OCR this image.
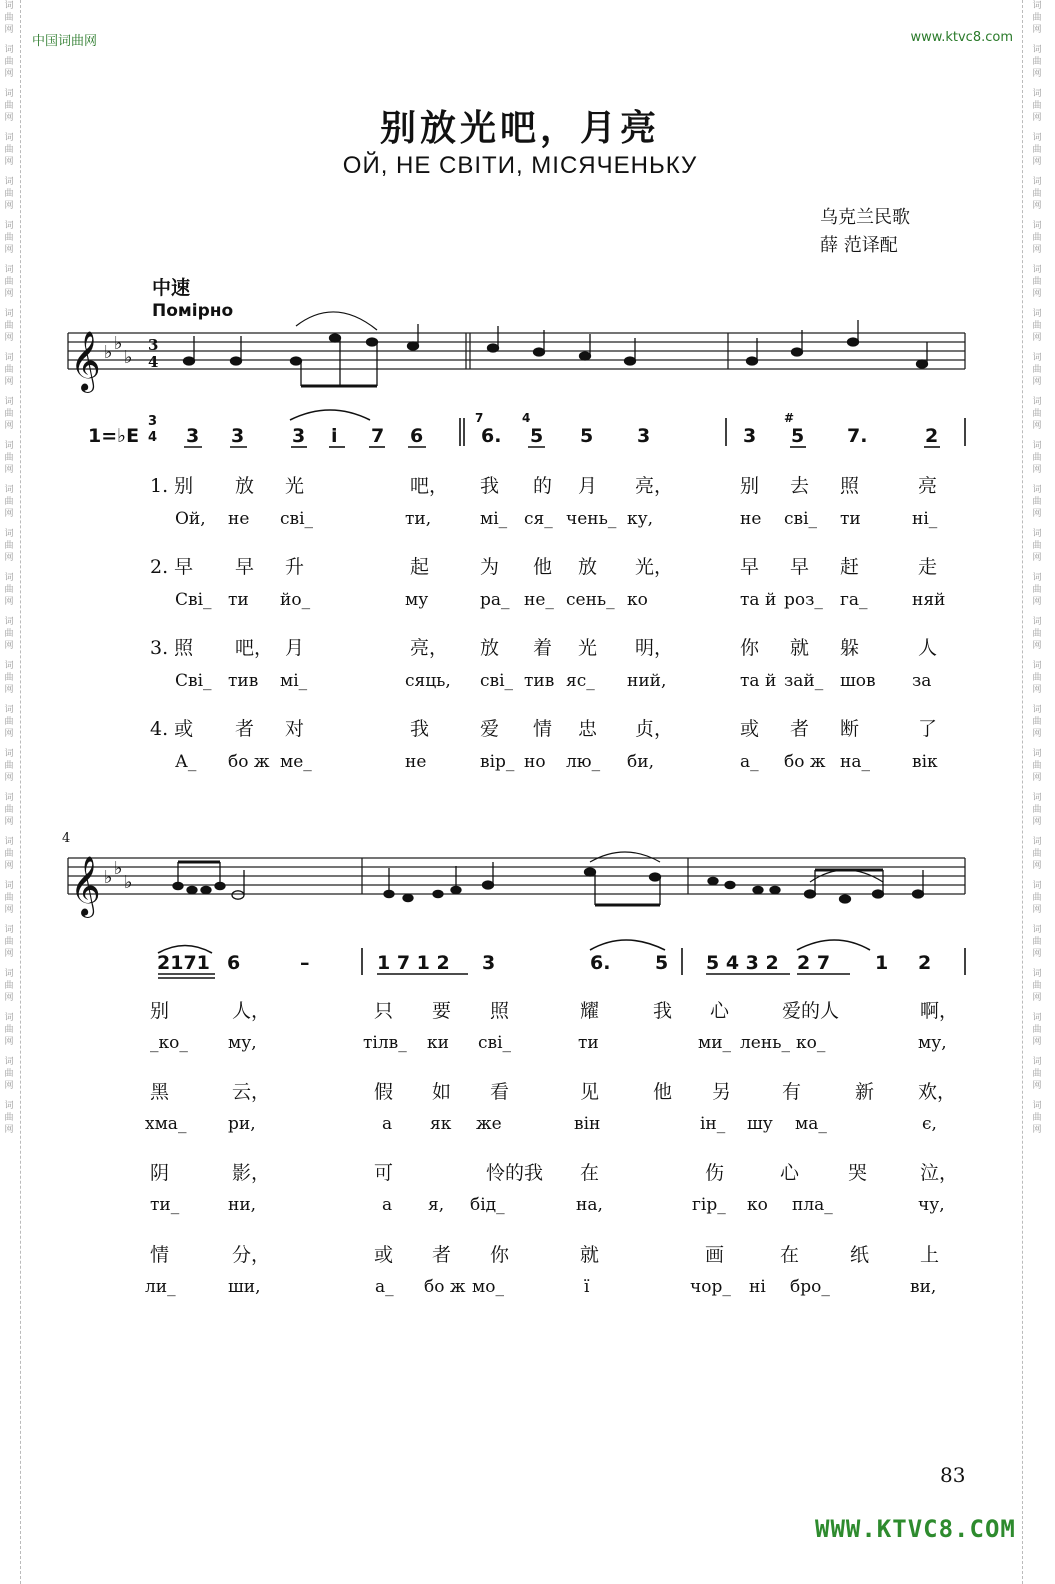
词
曲
网
词
曲
网
词
曲
网
词
曲
网
词
曲
网
词
曲
网
词
曲
网
词
曲
网
词
曲
网
词
曲
网
词
曲
网
词
曲
网
词
曲
网
词
曲
网
词
曲
网
词
曲
网
词
曲
网
词
曲
网
词
曲
网
词
曲
网
词
曲
网
词
曲
网
词
曲
网
词
曲
网
词
曲
网
词
曲
网
词
曲
网
词
曲
网
词
曲
网
词
曲
网
词
曲
网
词
曲
网
词
曲
网
词
曲
网
词
曲
网
词
曲
网
词
曲
网
词
曲
网
词
曲
网
词
曲
网
词
曲
网
词
曲
网
词
曲
网
词
曲
网
词
曲
网
词
曲
网
词
曲
网
词
曲
网
词
曲
网
词
曲
网
词
曲
网
词
曲
网
中国词曲网	www.ktvc8.com
别放光吧，月亮
ОЙ, НЕ СВІТИ, МІСЯЧЕНЬКУ
乌克兰民歌
薛 范译配
中速
Помірно
𝄞
𝄞
♭ ♭
♭
♭ ♭
♭
3
4
4
1=♭E
3
4 3 3	3 i 7 6	6. 5 5 3	3 5 7.	2
7	4	#
1. 别 放 光	吧， 我 的 月 亮，	别 去 照	亮
Ой, не сві_	ти,	мі_ ся_ чень_ ку,	не сві_ ти	ні_
2. 早 早 升	起	为 他 放 光，	早 早 赶	走
Сві_ ти йо_	му	ра_ не_ сень_ ко	та й роз_ га_	няй
3. 照 吧， 月	亮， 放 着 光 明，	你 就 躲	人
Сві_ тив мі_	сяць, сві_ тив яс_ ний,	та й зай_ шов за
4. 或 者 对	我	爱 情 忠 贞，	或 者 断	了
А_ бо ж ме_	не	вір_ но лю_ би,	а_ бо ж на_ вік
2171 6	–	1 7 1 2 3	6. 5 5 4 3 2 2 7 1 2
别	人，	只 要 照	耀	我 心	爱的人	啊，
_ко_ му,	тілв_ ки сві_	ти	ми_ лень_ ко_	му,
黑	云，	假 如 看	见	他 另	有	新 欢，
хма_ ри,	а як же	він	ін_ шу ма_	є,
阴	影，	可	怜的我 在	伤	心	哭	泣，
ти_	ни,	а я, бід_	на,	гір_ ко пла_	чу,
情	分，	或 者 你	就	画	在	纸	上
ли_	ши,	а_ бо ж мо_	ї	чор_ ні бро_	ви,
83
WWW.KTVC8.COM
